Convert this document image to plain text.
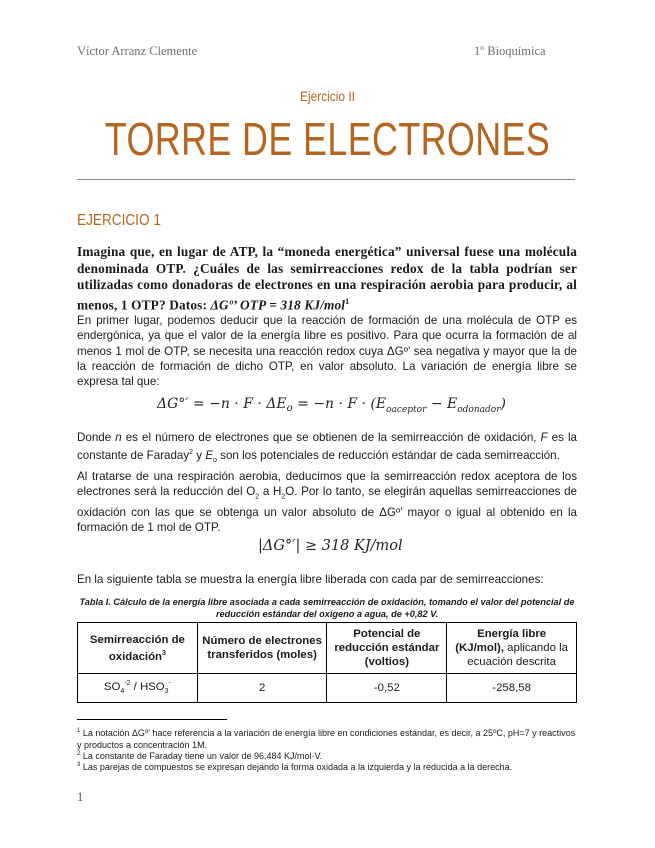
Víctor Arranz Clemente	1º Bioquímica
Ejercicio II
TORRE DE ELECTRONES
EJERCICIO 1
Imagina que, en lugar de ATP, la “moneda energética” universal fuese una molécula denominada OTP. ¿Cuáles de las semirreacciones redox de la tabla podrían ser utilizadas como donadoras de electrones en una respiración aerobia para producir, al menos, 1 OTP? Datos: ΔGº’ OTP = 318 KJ/mol$^1$
En primer lugar, podemos deducir que la reacción de formación de una molécula de OTP es endergónica, ya que el valor de la energía libre es positivo. Para que ocurra la formación de al menos 1 mol de OTP, se necesita una reacción redox cuya ΔGº’ sea negativa y mayor que la de la reacción de formación de dicho OTP, en valor absoluto. La variación de energía libre se expresa tal que:
$\Delta G^\circ' = -n \cdot F \cdot \Delta E_o = -n \cdot F \cdot (E_{oaceptor} - E_{odonador})$
Donde n es el número de electrones que se obtienen de la semirreacción de oxidación, F es la constante de Faraday$^2$ y $E_o$ son los potenciales de reducción estándar de cada semirreacción.
Al tratarse de una respiración aerobia, deducimos que la semirreacción redox aceptora de los electrones será la reducción del $O_2$ a $H_2O$. Por lo tanto, se elegirán aquellas semirreacciones de oxidación con las que se obtenga un valor absoluto de ΔGº’ mayor o igual al obtenido en la formación de 1 mol de OTP.
|ΔG°′| ≥ 318 KJ/mol
En la siguiente tabla se muestra la energía libre liberada con cada par de semirreacciones:
Tabla I. Cálculo de la energía libre asociada a cada semirreacción de oxidación, tomando el valor del potencial de reducción estándar del oxígeno a agua, de +0,82 V.
Semirreacción de oxidación$^3$	Número de electrones transferidos (moles)	Potencial de reducción estándar (voltios)	Energía libre (KJ/mol), aplicando la ecuación descrita
$SO_4^{-2} / HSO_3^-$	2	-0,52	-258,58
$^1$ La notación ΔGº’ hace referencia a la variación de energía libre en condiciones estándar, es decir, a 25ºC, pH=7 y reactivos y productos a concentración 1M.
$^2$ La constante de Faraday tiene un valor de 96,484 KJ/mol·V.
$^3$ Las parejas de compuestos se expresan dejando la forma oxidada a la izquierda y la reducida a la derecha.
1
